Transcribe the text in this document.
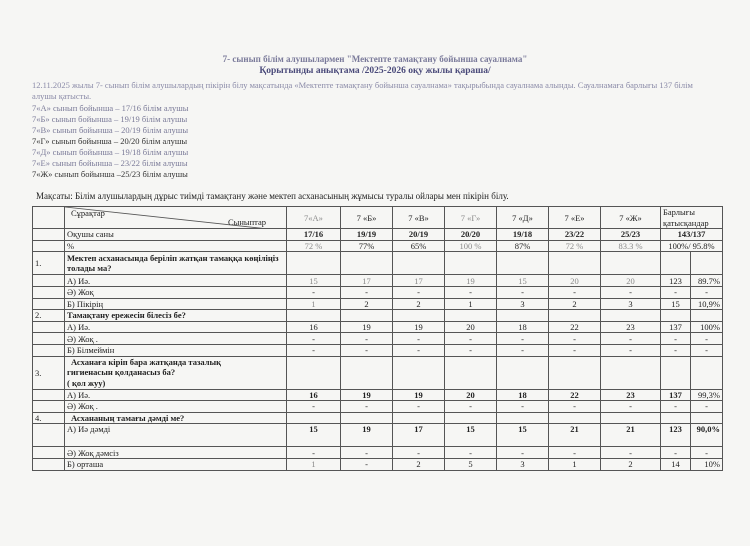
7- сынып білім алушылармен "Мектепте тамақтану бойынша сауалнама"
Қорытынды анықтама /2025-2026 оқу жылы қараша/
12.11.2025 жылы 7- сынып білім алушылардың пікірін білу мақсатында «Мектепте тамақтану бойынша сауалнама» тақырыбында сауалнама алынды. Сауалнамаға барлығы 137 білім алушы қатысты.
7«А» сынып бойынша – 17/16 білім алушы
7«Б» сынып бойынша – 19/19 білім алушы
7«В» сынып бойынша – 20/19 білім алушы
7«Г» сынып бойынша – 20/20 білім алушы
7«Д» сынып бойынша – 19/18 білім алушы
7«Е» сынып бойынша – 23/22 білім алушы
7«Ж» сынып бойынша –25/23 білім алушы
Мақсаты: Білім алушылардың дұрыс тиімді тамақтану және мектеп асханасының жұмысы туралы ойлары мен пікірін білу.

	Сұрақтар
Сыныптар	7«А»	7 «Б»	7 «В»	7 «Г»	7 «Д»	7 «Е»	7 «Ж»	Барлығы қатысқандар	
	Оқушы саны	17/16	19/19	20/19	20/20	19/18	23/22	25/23	143/137	
	%	72 %	77%	65%	100 %	87%	72 %	83.3 %	100%/ 95.8%	
1.	Мектеп асханасында беріліп жатқан тамаққа көңіліңіз толады ма?									
	А) Иә.	15	17	17	19	15	20	20	123	89.7%
	Ә) Жоқ	-	-	-	-	-	-	-	-	-
	Б) Пікірің	1	2	2	1	3	2	3	15	10,9%
2.	Тамақтану ережесін білесіз бе?									
	А) Иә.	16	19	19	20	18	22	23	137	100%
	Ә) Жоқ .	-	-	-	-	-	-	-	-	-
	Б) Білмеймін	-	-	-	-	-	-	-	-	-
3.	Асханаға кіріп бара жатқанда тазалық
гигиенасын қолданасыз ба?
( қол жуу)									

	А) Иә.	16	19	19	20	18	22	23	137	99,3%
	Ә) Жоқ .	-	-	-	-	-	-	-	-	-
4.	Асхананың тамағы дәмді ме?									
	А) Иә дәмді	15	19	17	15	15	21	21	123	90,0%
	Ә) Жоқ дәмсіз	-	-	-	-	-	-	-	-	-
	Б) орташа	1	-	2	5	3	1	2	14	10%
